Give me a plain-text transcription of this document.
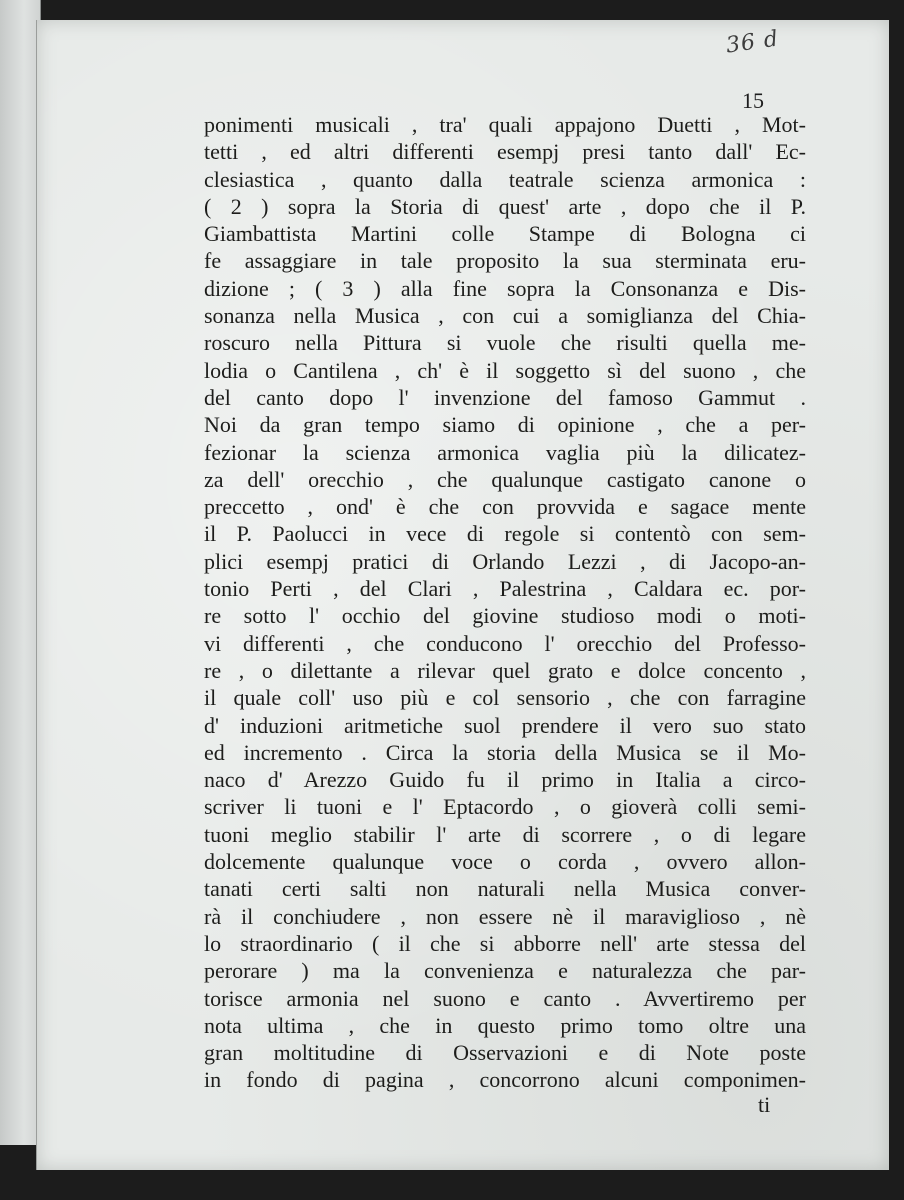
36 d
15
ponimenti musicali , tra' quali appajono Duetti , Mot-
tetti , ed altri differenti esempj presi tanto dall' Ec-
clesiastica , quanto dalla teatrale scienza armonica :
( 2 ) sopra la Storia di quest' arte , dopo che il P.
Giambattista Martini colle Stampe di Bologna ci
fe assaggiare in tale proposito la sua sterminata eru-
dizione ; ( 3 ) alla fine sopra la Consonanza e Dis-
sonanza nella Musica , con cui a somiglianza del Chia-
roscuro nella Pittura si vuole che risulti quella me-
lodia o Cantilena , ch' è il soggetto sì del suono , che
del canto dopo l' invenzione del famoso Gammut .
Noi da gran tempo siamo di opinione , che a per-
fezionar la scienza armonica vaglia più la dilicatez-
za dell' orecchio , che qualunque castigato canone o
preccetto , ond' è che con provvida e sagace mente
il P. Paolucci in vece di regole si contentò con sem-
plici esempj pratici di Orlando Lezzi , di Jacopo-an-
tonio Perti , del Clari , Palestrina , Caldara ec. por-
re sotto l' occhio del giovine studioso modi o moti-
vi differenti , che conducono l' orecchio del Professo-
re , o dilettante a rilevar quel grato e dolce concento ,
il quale coll' uso più e col sensorio , che con farragine
d' induzioni aritmetiche suol prendere il vero suo stato
ed incremento . Circa la storia della Musica se il Mo-
naco d' Arezzo Guido fu il primo in Italia a circo-
scriver li tuoni e l' Eptacordo , o gioverà colli semi-
tuoni meglio stabilir l' arte di scorrere , o di legare
dolcemente qualunque voce o corda , ovvero allon-
tanati certi salti non naturali nella Musica conver-
rà il conchiudere , non essere nè il maraviglioso , nè
lo straordinario ( il che si abborre nell' arte stessa del
perorare ) ma la convenienza e naturalezza che par-
torisce armonia nel suono e canto . Avvertiremo per
nota ultima , che in questo primo tomo oltre una
gran moltitudine di Osservazioni e di Note poste
in fondo di pagina , concorrono alcuni componimen-
ti
